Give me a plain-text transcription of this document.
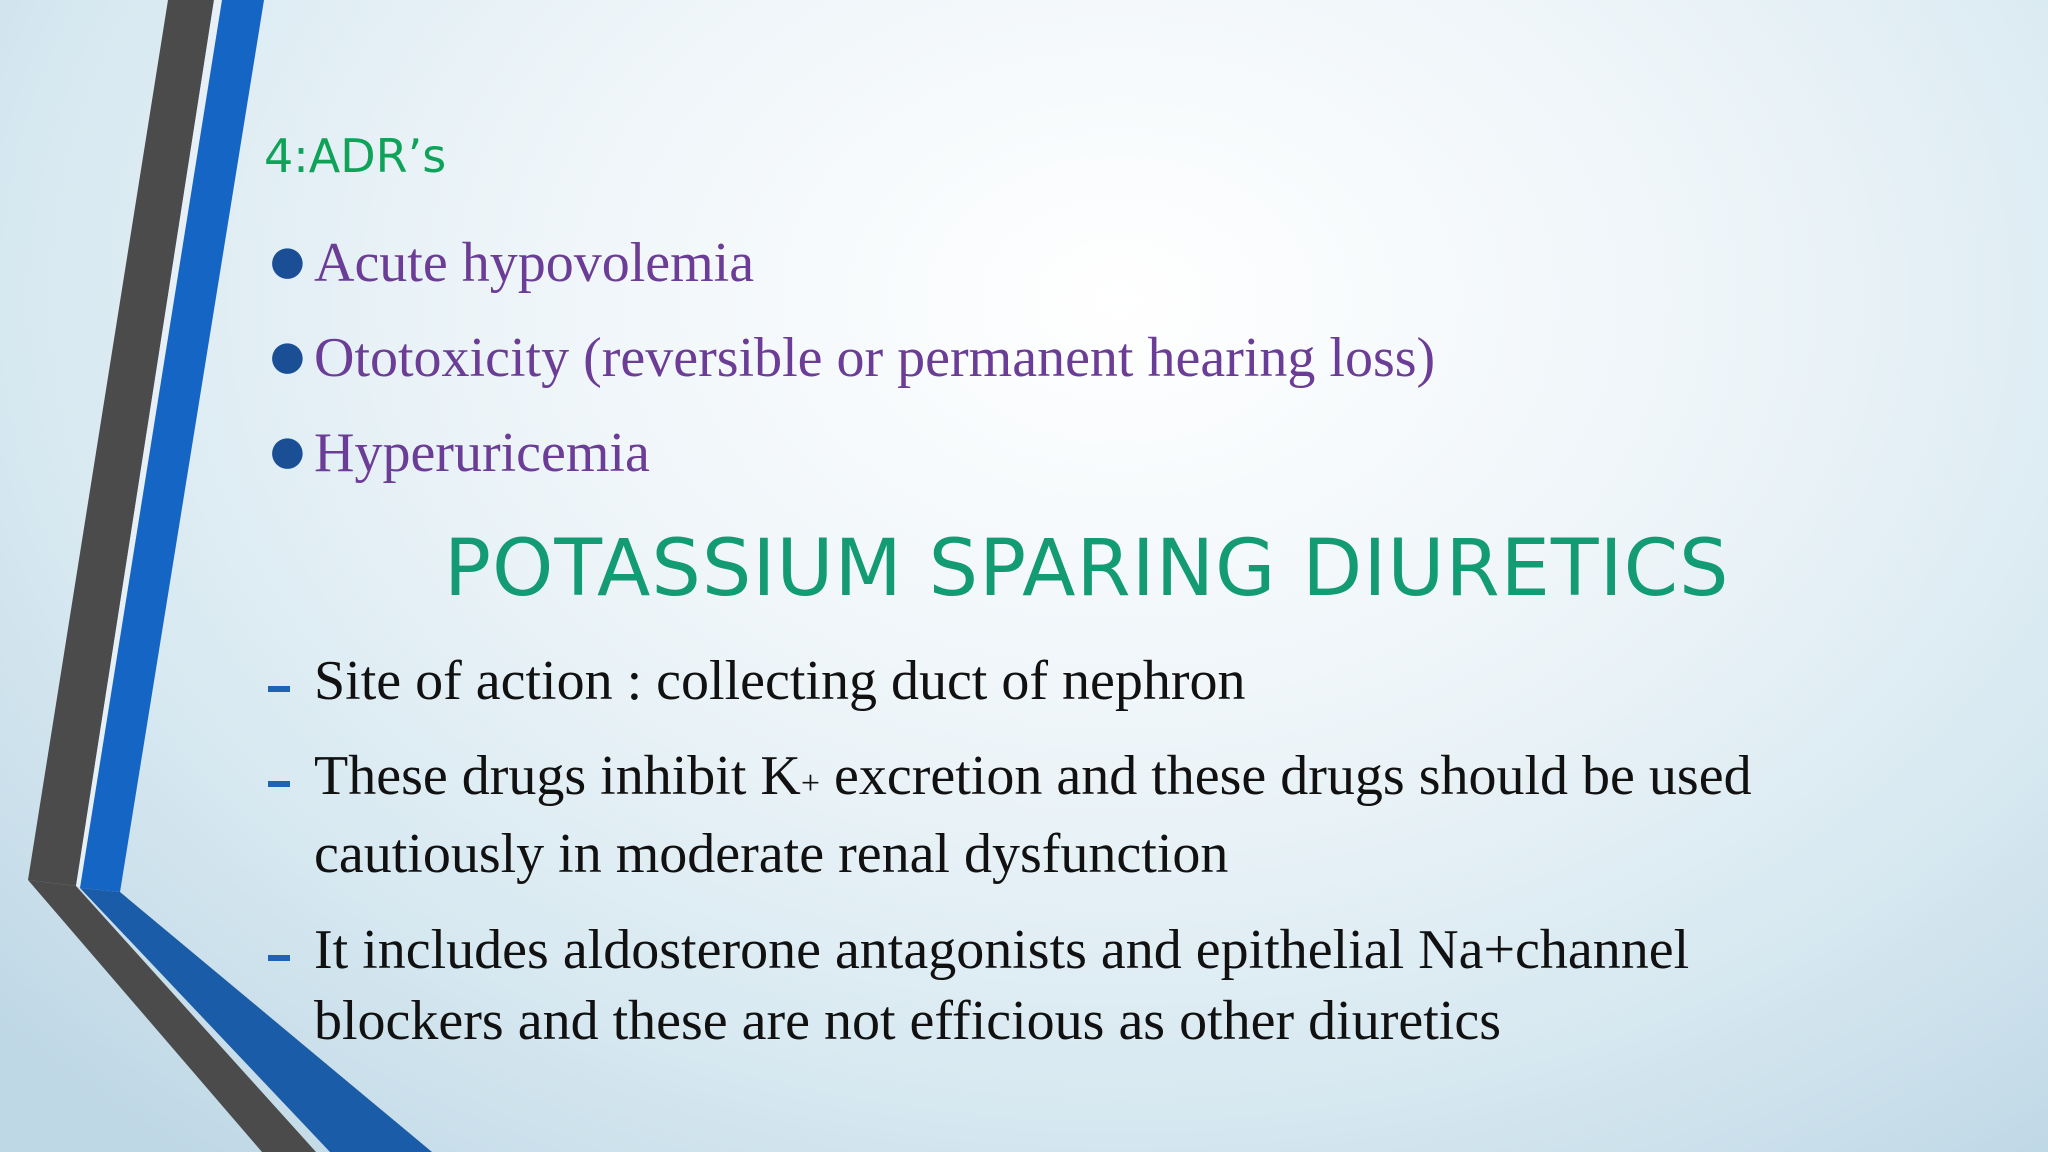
4:ADR’s
● Acute hypovolemia
● Ototoxicity (reversible or permanent hearing loss)
● Hyperuricemia
POTASSIUM SPARING DIURETICS
Site of action : collecting duct of nephron
These drugs inhibit K+ excretion and these drugs should be used
cautiously in moderate renal dysfunction
It includes aldosterone antagonists and epithelial Na+channel
blockers and these are not efficious as other diuretics
